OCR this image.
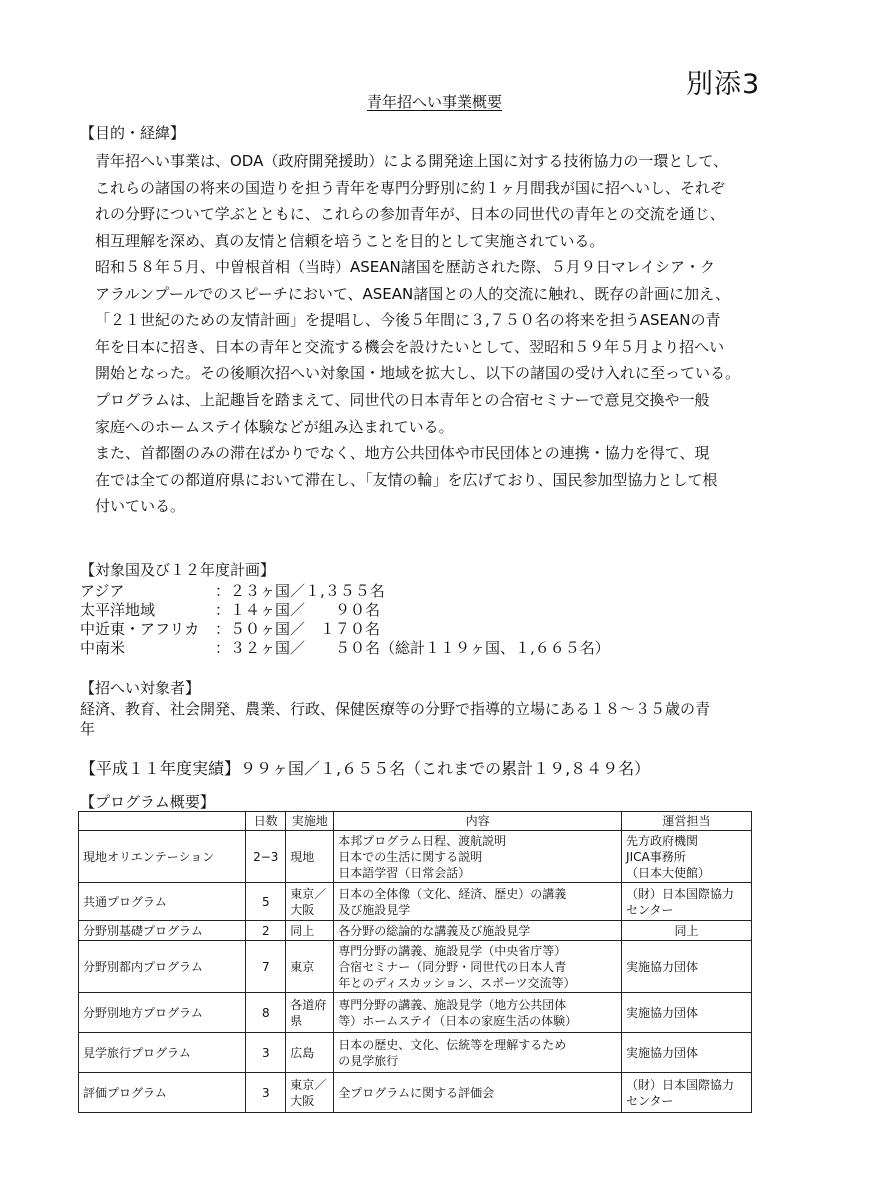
別添3
青年招へい事業概要
【目的・経緯】

青年招へい事業は、ODA（政府開発援助）による開発途上国に対する技術協力の一環として、
これらの諸国の将来の国造りを担う青年を専門分野別に約１ヶ月間我が国に招へいし、それぞ
れの分野について学ぶとともに、これらの参加青年が、日本の同世代の青年との交流を通じ、
相互理解を深め、真の友情と信頼を培うことを目的として実施されている。

昭和５８年５月、中曽根首相（当時）ASEAN諸国を歴訪された際、５月９日マレイシア・ク
アラルンプールでのスピーチにおいて、ASEAN諸国との人的交流に触れ、既存の計画に加え、
「２１世紀のための友情計画」を提唱し、今後５年間に３,７５０名の将来を担うASEANの青
年を日本に招き、日本の青年と交流する機会を設けたいとして、翌昭和５９年５月より招へい
開始となった。その後順次招へい対象国・地域を拡大し、以下の諸国の受け入れに至っている。

プログラムは、上記趣旨を踏まえて、同世代の日本青年との合宿セミナーで意見交換や一般
家庭へのホームステイ体験などが組み込まれている。

また、首都圏のみの滞在ばかりでなく、地方公共団体や市民団体との連携・協力を得て、現
在では全ての都道府県において滞在し、「友情の輪」を広げており、国民参加型協力として根
付いている。

【対象国及び１２年度計画】
アジア	：２３ヶ国／１,３５５名
太平洋地域	：１４ヶ国／　　９０名
中近東・アフリカ ：５０ヶ国／　１７０名
中南米	：３２ヶ国／　　５０名（総計１１９ヶ国、１,６６５名）
【招へい対象者】
経済、教育、社会開発、農業、行政、保健医療等の分野で指導的立場にある１８～３５歳の青
年
【平成１１年度実績】９９ヶ国／１,６５５名（これまでの累計１９,８４９名）
【プログラム概要】
	日数	実施地	内容	運営担当
現地オリエンテーション	2−3	現地	本邦プログラム日程、渡航説明
日本での生活に関する説明
日本語学習（日常会話）	先方政府機関
JICA事務所
（日本大使館）

共通プログラム	5	東京／
大阪	日本の全体像（文化、経済、歴史）の講義
及び施設見学	（財）日本国際協力
センター

分野別基礎プログラム	2	同上	各分野の総論的な講義及び施設見学	同上

分野別都内プログラム	7	東京	専門分野の講義、施設見学（中央省庁等）
合宿セミナー（同分野・同世代の日本人青
年とのディスカッション、スポーツ交流等）	実施協力団体

分野別地方プログラム	8	各道府
県	専門分野の講義、施設見学（地方公共団体
等）ホームステイ（日本の家庭生活の体験）	実施協力団体

見学旅行プログラム	3	広島	日本の歴史、文化、伝統等を理解するため
の見学旅行	実施協力団体

評価プログラム	3	東京／
大阪	全プログラムに関する評価会	（財）日本国際協力
センター
